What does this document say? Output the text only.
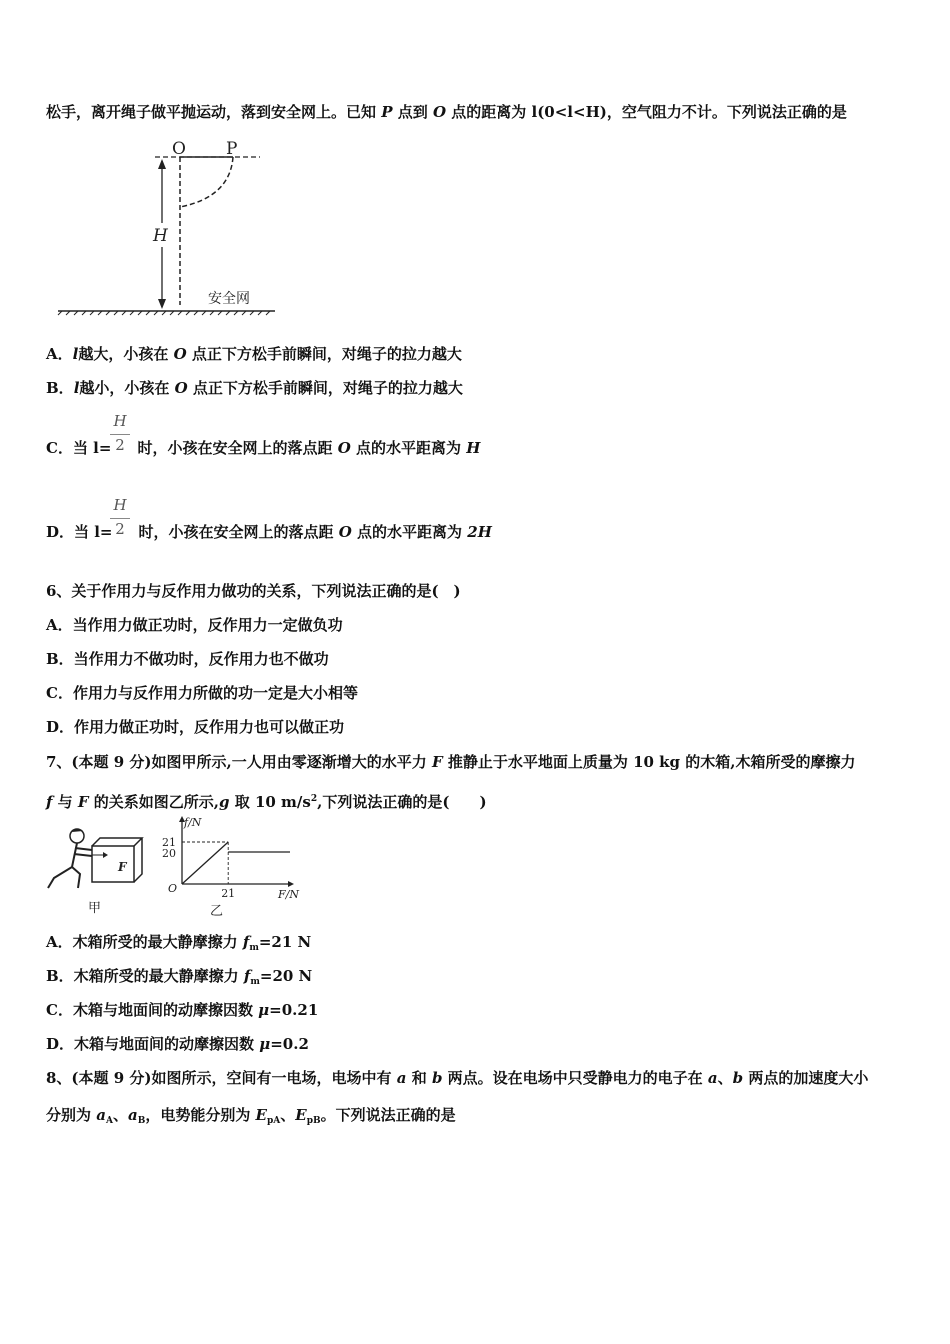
松手，离开绳子做平抛运动，落到安全网上。已知 P 点到 O 点的距离为 l(0<l<H)，空气阻力不计。下列说法正确的是
O P
H
安全网
A．l越大，小孩在 O 点正下方松手前瞬间，对绳子的拉力越大
B．l越小，小孩在 O 点正下方松手前瞬间，对绳子的拉力越大
H
2
C．当 l= 时，小孩在安全网上的落点距 O 点的水平距离为 H
H
2
D．当 l= 时，小孩在安全网上的落点距 O 点的水平距离为 2H
6、关于作用力与反作用力做功的关系，下列说法正确的是(　)
A．当作用力做正功时，反作用力一定做负功
B．当作用力不做功时，反作用力也不做功
C．作用力与反作用力所做的功一定是大小相等
D．作用力做正功时，反作用力也可以做正功
7、(本题 9 分)如图甲所示,一人用由零逐渐增大的水平力 F 推静止于水平地面上质量为 10 kg 的木箱,木箱所受的摩擦力
f 与 F 的关系如图乙所示,g 取 10 $m/s^2$,下列说法正确的是(　　)
F
甲
f/N
F/N
O
21
20
21
乙
A．木箱所受的最大静摩擦力 $f_m=21$ N
B．木箱所受的最大静摩擦力 $f_m=20$ N
C．木箱与地面间的动摩擦因数 μ=0.21
D．木箱与地面间的动摩擦因数 μ=0.2
8、(本题 9 分)如图所示，空间有一电场，电场中有 a 和 b 两点。设在电场中只受静电力的电子在 a、b 两点的加速度大小
分别为 $a_A$、$a_B$，电势能分别为 $E_{pA}$、$E_{pB}$。下列说法正确的是
